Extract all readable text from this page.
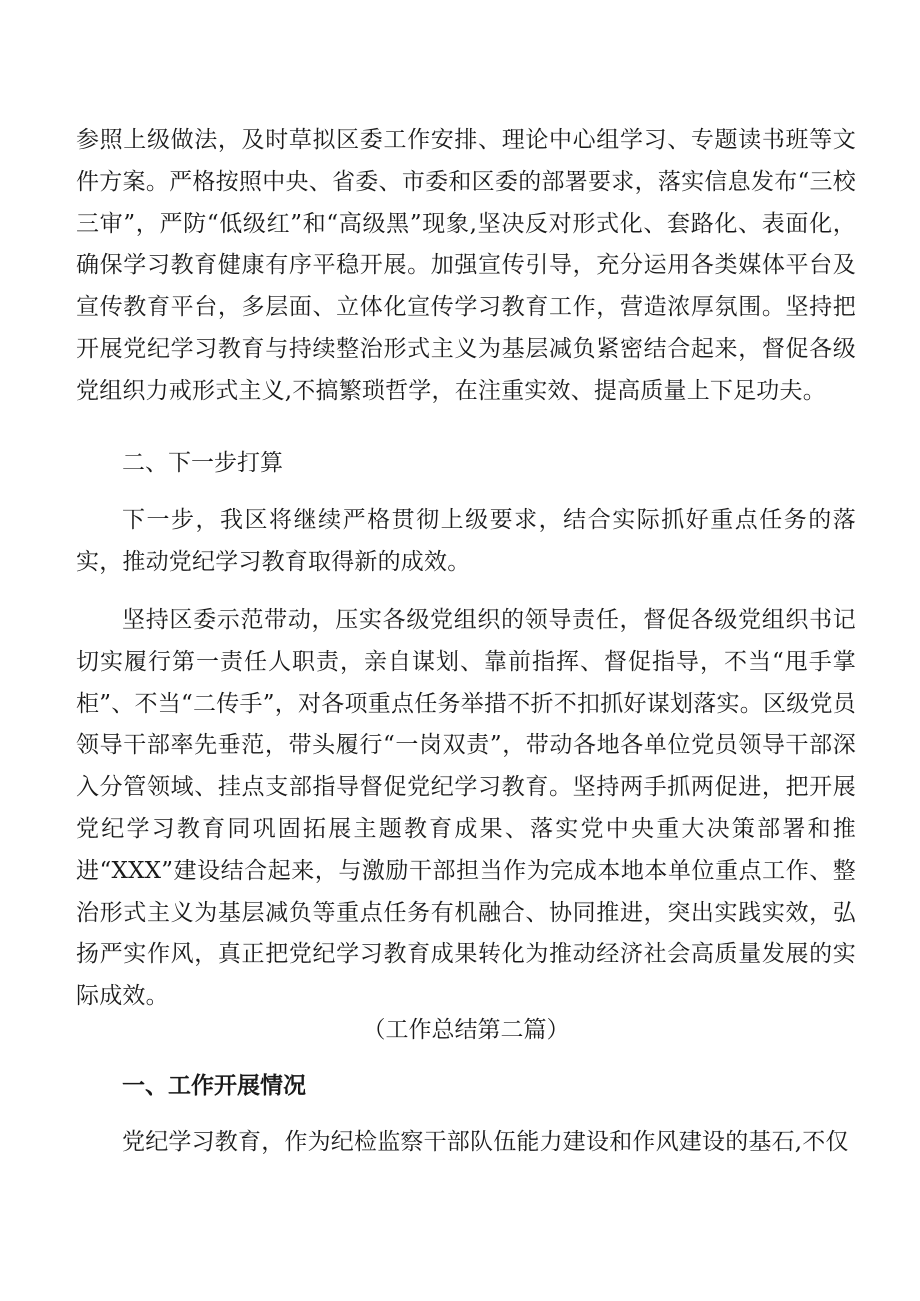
参照上级做法，及时草拟区委工作安排、理论中心组学习、专题读书班等文件方案。严格按照中央、省委、市委和区委的部署要求，落实信息发布“三校三审”，严防“低级红”和“高级黑”现象,坚决反对形式化、套路化、表面化，确保学习教育健康有序平稳开展。加强宣传引导，充分运用各类媒体平台及宣传教育平台，多层面、立体化宣传学习教育工作，营造浓厚氛围。坚持把开展党纪学习教育与持续整治形式主义为基层减负紧密结合起来，督促各级党组织力戒形式主义,不搞繁琐哲学，在注重实效、提高质量上下足功夫。

二、下一步打算

下一步，我区将继续严格贯彻上级要求，结合实际抓好重点任务的落实，推动党纪学习教育取得新的成效。

坚持区委示范带动，压实各级党组织的领导责任，督促各级党组织书记切实履行第一责任人职责，亲自谋划、靠前指挥、督促指导，不当“甩手掌柜”、不当“二传手”，对各项重点任务举措不折不扣抓好谋划落实。区级党员领导干部率先垂范，带头履行“一岗双责”，带动各地各单位党员领导干部深入分管领域、挂点支部指导督促党纪学习教育。坚持两手抓两促进，把开展党纪学习教育同巩固拓展主题教育成果、落实党中央重大决策部署和推进“XXX”建设结合起来，与激励干部担当作为完成本地本单位重点工作、整治形式主义为基层减负等重点任务有机融合、协同推进，突出实践实效，弘扬严实作风，真正把党纪学习教育成果转化为推动经济社会高质量发展的实际成效。

（工作总结第二篇）

一、工作开展情况

党纪学习教育，作为纪检监察干部队伍能力建设和作风建设的基石,不仅
